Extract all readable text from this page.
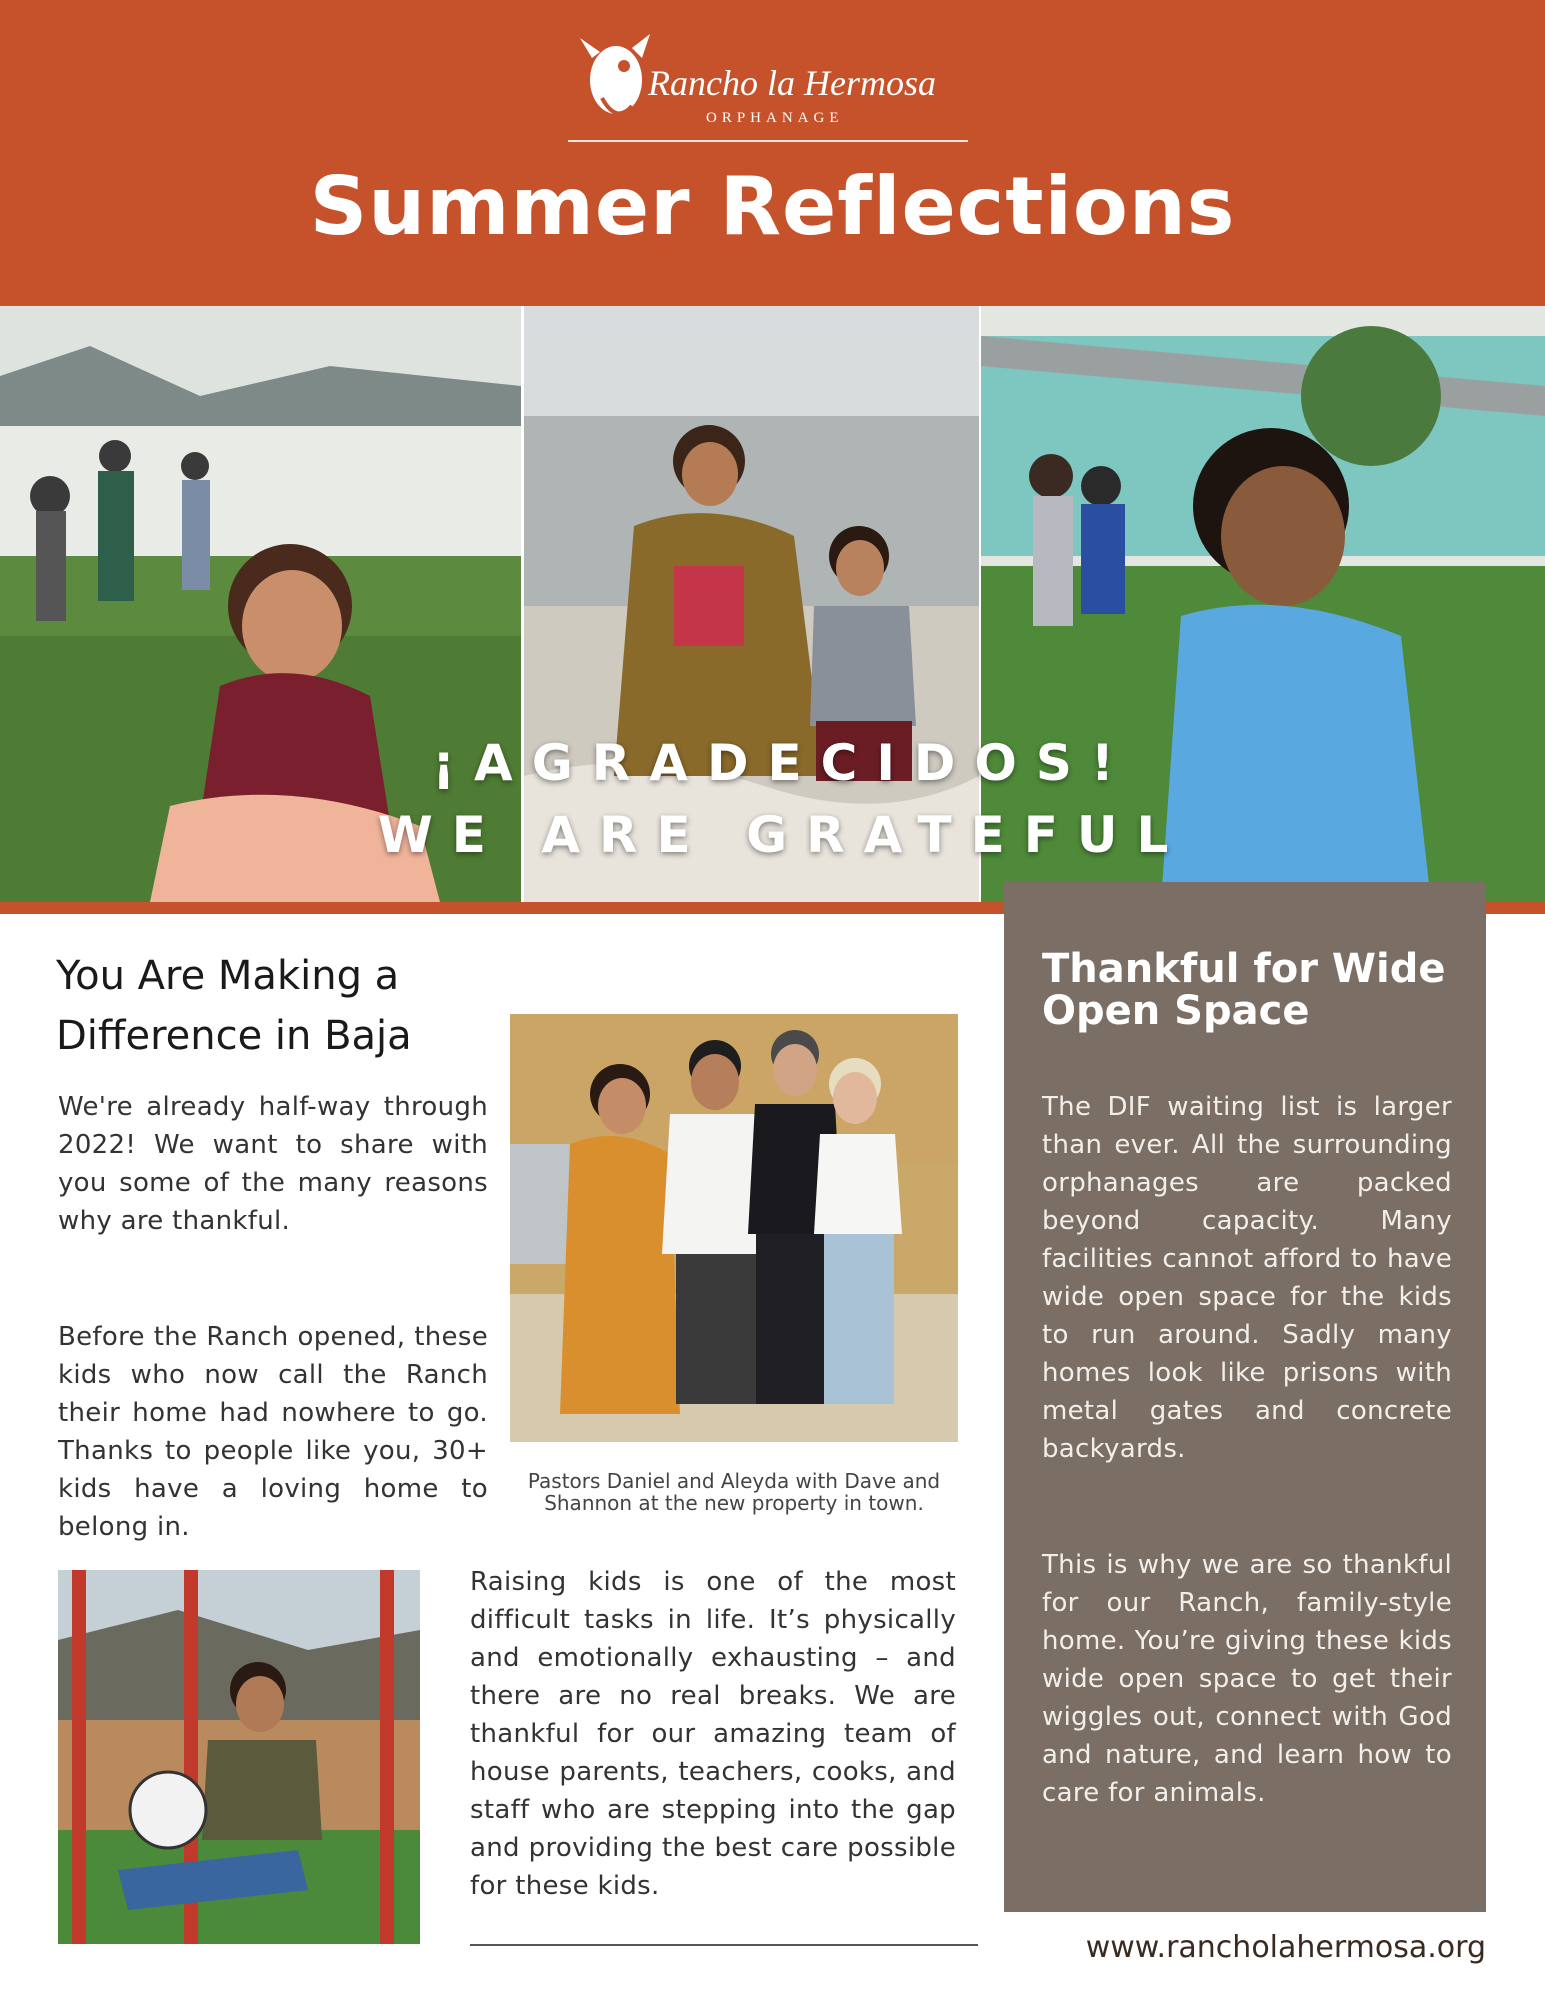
Rancho la Hermosa
ORPHANAGE
Summer Reflections
¡AGRADECIDOS!
WE ARE GRATEFUL
You Are Making a Difference in Baja

We're already half-way through 2022! We want to share with you some of the many reasons why are thankful.

Before the Ranch opened, these kids who now call the Ranch their home had nowhere to go. Thanks to people like you, 30+ kids have a loving home to belong in.

Pastors Daniel and Aleyda with Dave and Shannon at the new property in town.

Raising kids is one of the most difficult tasks in life. It’s physically and emotionally exhausting – and there are no real breaks. We are thankful for our amazing team of house parents, teachers, cooks, and staff who are stepping into the gap and providing the best care possible for these kids.

Thankful for Wide Open Space

The DIF waiting list is larger than ever. All the surrounding orphanages are packed beyond capacity. Many facilities cannot afford to have wide open space for the kids to run around. Sadly many homes look like prisons with metal gates and concrete backyards.

This is why we are so thankful for our Ranch, family-style home. You’re giving these kids wide open space to get their wiggles out, connect with God and nature, and learn how to care for animals.

www.rancholahermosa.org
